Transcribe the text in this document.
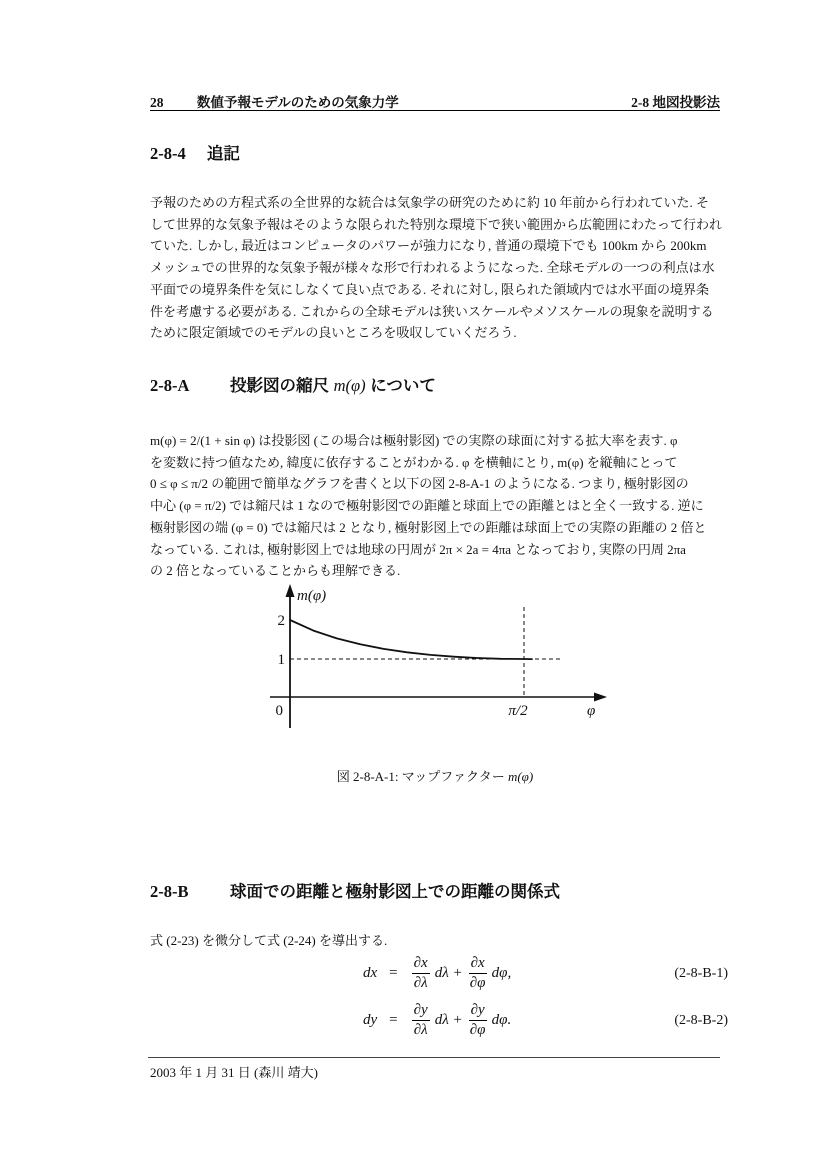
28 数値予報モデルのための気象力学	2-8 地図投影法
2-8-4 追記
予報のための方程式系の全世界的な統合は気象学の研究のために約 10 年前から行われていた. そ
して世界的な気象予報はそのような限られた特別な環境下で狭い範囲から広範囲にわたって行われ
ていた. しかし, 最近はコンピュータのパワーが強力になり, 普通の環境下でも 100km から 200km
メッシュでの世界的な気象予報が様々な形で行われるようになった. 全球モデルの一つの利点は水
平面での境界条件を気にしなくて良い点である. それに対し, 限られた領域内では水平面の境界条
件を考慮する必要がある. これからの全球モデルは狭いスケールやメソスケールの現象を説明する
ために限定領域でのモデルの良いところを吸収していくだろう.
2-8-A 投影図の縮尺 m(φ) について
m(φ) = 2/(1 + sin φ) は投影図 (この場合は極射影図) での実際の球面に対する拡大率を表す. φ
を変数に持つ値なため, 緯度に依存することがわかる. φ を横軸にとり, m(φ) を縦軸にとって
0 ≤ φ ≤ π/2 の範囲で簡単なグラフを書くと以下の図 2-8-A-1 のようになる. つまり, 極射影図の
中心 (φ = π/2) では縮尺は 1 なので極射影図での距離と球面上での距離とはと全く一致する. 逆に
極射影図の端 (φ = 0) では縮尺は 2 となり, 極射影図上での距離は球面上での実際の距離の 2 倍と
なっている. これは, 極射影図上では地球の円周が 2π × 2a = 4πa となっており, 実際の円周 2πa
の 2 倍となっていることからも理解できる.
m(φ)
2
1
0	π/2	φ
図 2-8-A-1: マップファクター m(φ)
2-8-B	球面での距離と極射影図上での距離の関係式
式 (2-23) を微分して式 (2-24) を導出する.
dx = $\frac{\partial x}{\partial\lambda}$ $d\lambda + \frac{\partial x}{\partial\varphi} d\varphi$,	(2-8-B-1)
dy = $\frac{\partial y}{\partial\lambda}$ $d\lambda + \frac{\partial y}{\partial\varphi} d\varphi$.	(2-8-B-2)
2003 年 1 月 31 日 (森川 靖大)
